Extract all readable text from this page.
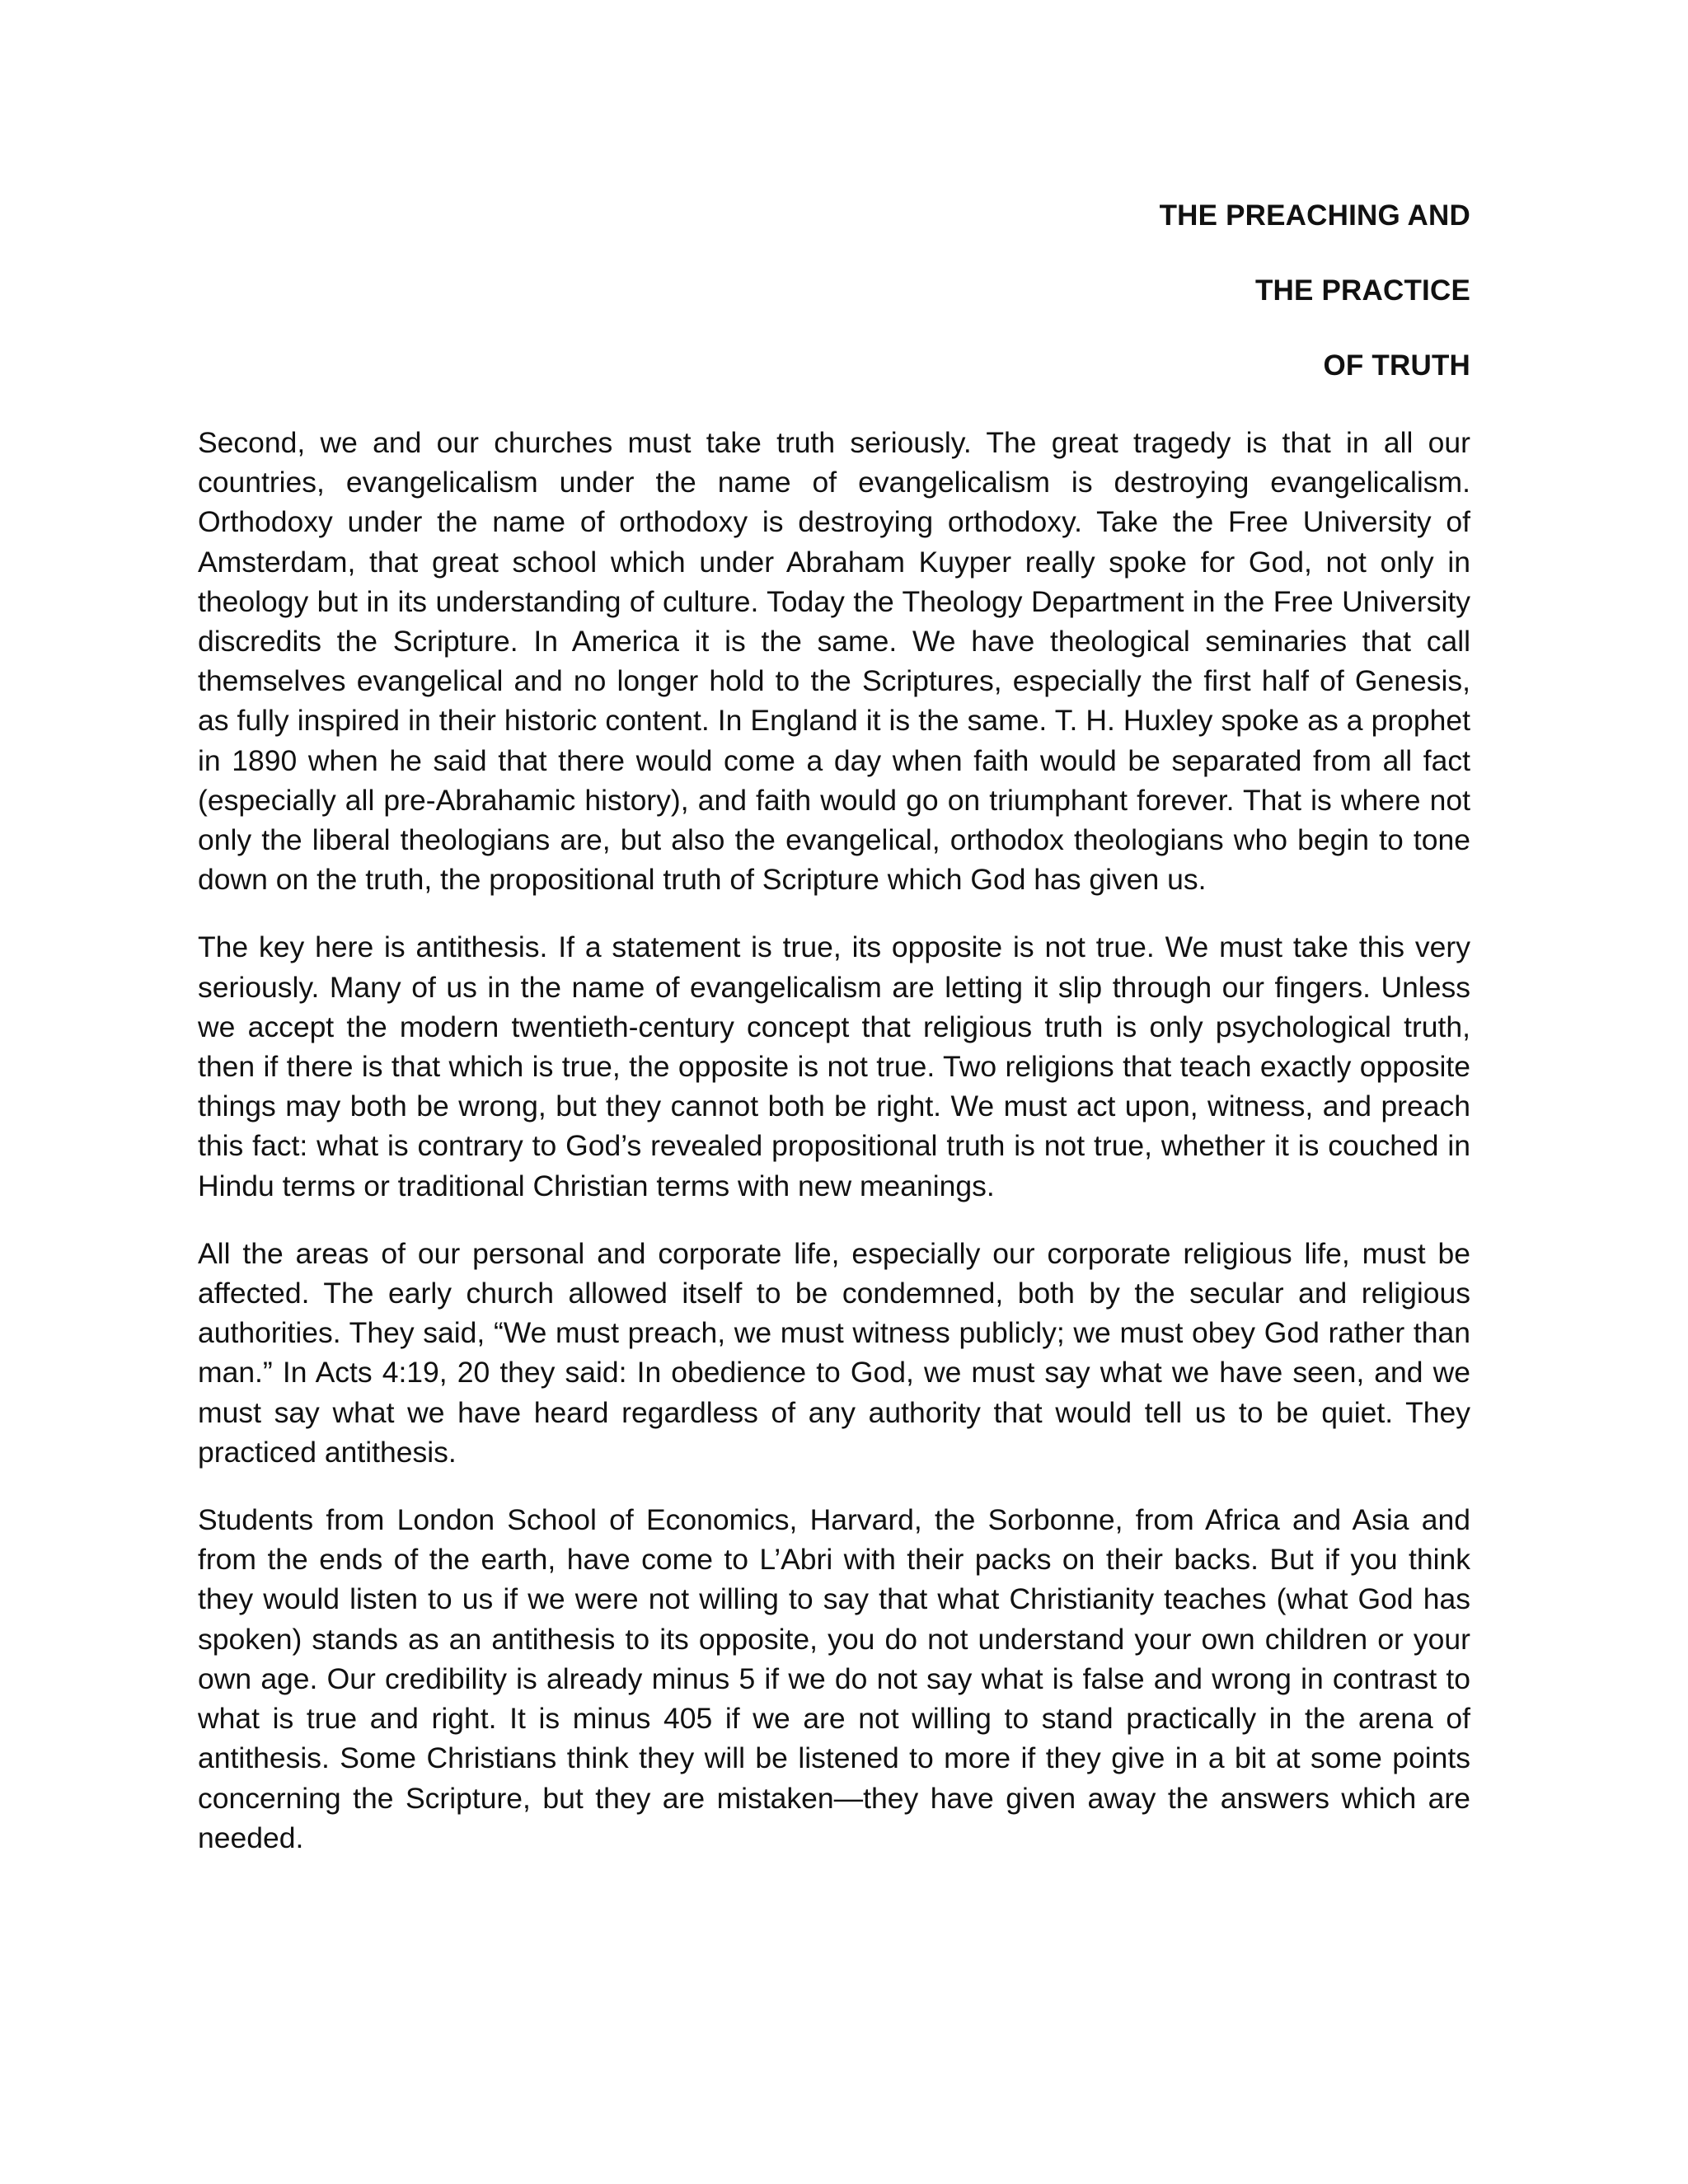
THE PREACHING AND
THE PRACTICE
OF TRUTH

Second, we and our churches must take truth seriously. The great tragedy is that in all our countries, evangelicalism under the name of evangelicalism is destroying evangelicalism. Orthodoxy under the name of orthodoxy is destroying orthodoxy. Take the Free University of Amsterdam, that great school which under Abraham Kuyper really spoke for God, not only in theology but in its understanding of culture. Today the Theology Department in the Free University discredits the Scripture. In America it is the same. We have theological seminaries that call themselves evangelical and no longer hold to the Scriptures, especially the first half of Genesis, as fully inspired in their historic content. In England it is the same. T. H. Huxley spoke as a prophet in 1890 when he said that there would come a day when faith would be separated from all fact (especially all pre-Abrahamic history), and faith would go on triumphant forever. That is where not only the liberal theologians are, but also the evangelical, orthodox theologians who begin to tone down on the truth, the propositional truth of Scripture which God has given us.

The key here is antithesis. If a statement is true, its opposite is not true. We must take this very seriously. Many of us in the name of evangelicalism are letting it slip through our fingers. Unless we accept the modern twentieth-century concept that religious truth is only psychological truth, then if there is that which is true, the opposite is not true. Two religions that teach exactly opposite things may both be wrong, but they cannot both be right. We must act upon, witness, and preach this fact: what is contrary to God’s revealed propositional truth is not true, whether it is couched in Hindu terms or traditional Christian terms with new meanings.

All the areas of our personal and corporate life, especially our corporate religious life, must be affected. The early church allowed itself to be condemned, both by the secular and religious authorities. They said, “We must preach, we must witness publicly; we must obey God rather than man.” In Acts 4:19, 20 they said: In obedience to God, we must say what we have seen, and we must say what we have heard regardless of any authority that would tell us to be quiet. They practiced antithesis.

Students from London School of Economics, Harvard, the Sorbonne, from Africa and Asia and from the ends of the earth, have come to L’Abri with their packs on their backs. But if you think they would listen to us if we were not willing to say that what Christianity teaches (what God has spoken) stands as an antithesis to its opposite, you do not understand your own children or your own age. Our credibility is already minus 5 if we do not say what is false and wrong in contrast to what is true and right. It is minus 405 if we are not willing to stand practically in the arena of antithesis. Some Christians think they will be listened to more if they give in a bit at some points concerning the Scripture, but they are mistaken—they have given away the answers which are needed.
